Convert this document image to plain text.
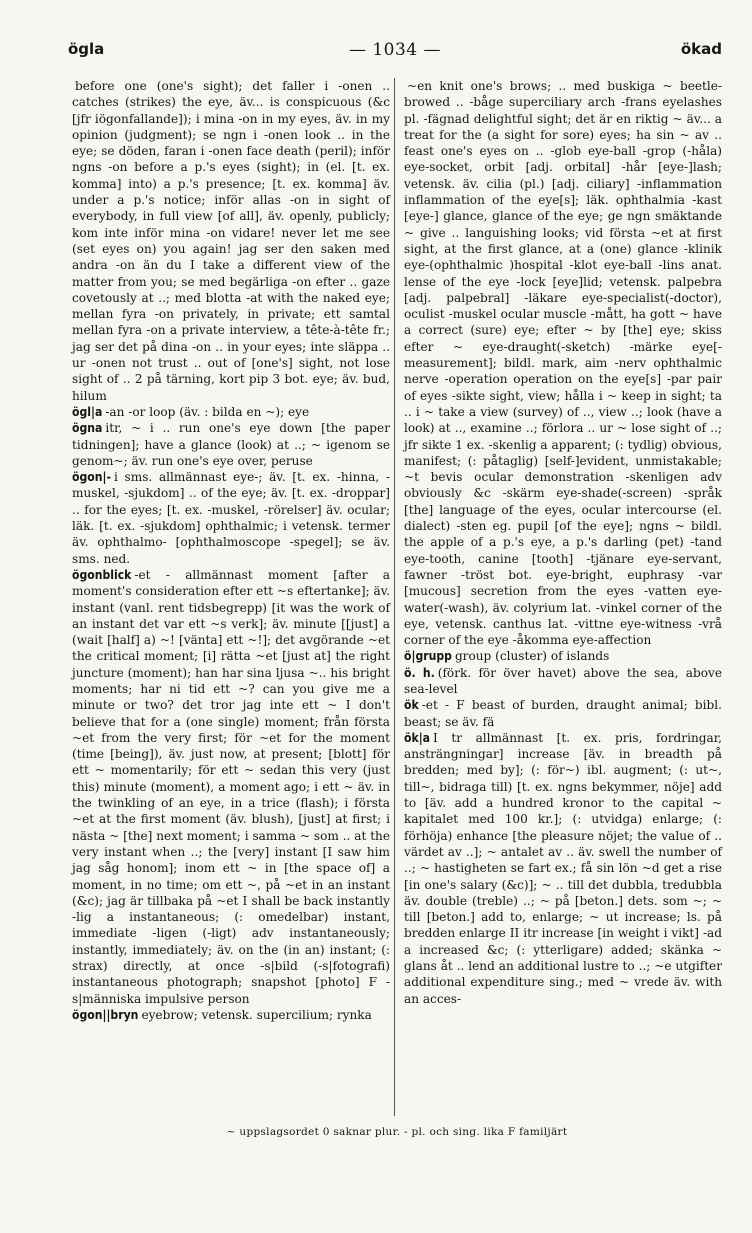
ögla	— 1034 —	ökad

before one (one's sight); det faller i -onen .. catches (strikes) the eye, äv... is conspicuous (&c [jfr iögonfallande]); i mina -on in my eyes, äv. in my opinion (judgment); se ngn i -onen look .. in the eye; se döden, faran i -onen face death (peril); inför ngns -on before a p.'s eyes (sight); in (el. [t. ex. komma] into) a p.'s presence; [t. ex. komma] äv. under a p.'s notice; inför allas -on in sight of everybody, in full view [of all], äv. openly, publicly; kom inte inför mina -on vidare! never let me see (set eyes on) you again! jag ser den saken med andra -on än du I take a different view of the matter from you; se med begärliga -on efter .. gaze covetously at ..; med blotta -at with the naked eye; mellan fyra -on privately, in private; ett samtal mellan fyra -on a private interview, a tête-à-tête fr.; jag ser det på dina -on .. in your eyes; inte släppa .. ur -onen not trust .. out of [one's] sight, not lose sight of .. 2 på tärning, kort pip 3 bot. eye; äv. bud, hilum

ögl|a -an -or loop (äv. : bilda en ~); eye

ögna itr, ~ i .. run one's eye down [the paper tidningen]; have a glance (look) at ..; ~ igenom se genom~; äv. run one's eye over, peruse

ögon|- i sms. allmännast eye-; äv. [t. ex. -hinna, -muskel, -sjukdom] .. of the eye; äv. [t. ex. -droppar] .. for the eyes; [t. ex. -muskel, -rörelser] äv. ocular; läk. [t. ex. -sjukdom] ophthalmic; i vetensk. termer äv. ophthalmo- [ophthalmoscope -spegel]; se äv. sms. ned.

ögonblick -et - allmännast moment [after a moment's consideration efter ett ~s eftertanke]; äv. instant (vanl. rent tidsbegrepp) [it was the work of an instant det var ett ~s verk]; äv. minute [[just] a (wait [half] a) ~! [vänta] ett ~!]; det avgörande ~et the critical moment; [i] rätta ~et [just at] the right juncture (moment); han har sina ljusa ~.. his bright moments; har ni tid ett ~? can you give me a minute or two? det tror jag inte ett ~ I don't believe that for a (one single) moment; från första ~et from the very first; för ~et for the moment (time [being]), äv. just now, at present; [blott] för ett ~ momentarily; för ett ~ sedan this very (just this) minute (moment), a moment ago; i ett ~ äv. in the twinkling of an eye, in a trice (flash); i första ~et at the first moment (äv. blush), [just] at first; i nästa ~ [the] next moment; i samma ~ som .. at the very instant when ..; the [very] instant [I saw him jag såg honom]; inom ett ~ in [the space of] a moment, in no time; om ett ~, på ~et in an instant (&c); jag är tillbaka på ~et I shall be back instantly -lig a instantaneous; (: omedelbar) instant, immediate -ligen (-ligt) adv instantaneously; instantly, immediately; äv. on the (in an) instant; (: strax) directly, at once -s|bild (-s|fotografi) instantaneous photograph; snapshot [photo] F -s|människa impulsive person

ögon||bryn eyebrow; vetensk. supercilium; rynka

~en knit one's brows; .. med buskiga ~ beetle-browed .. -båge superciliary arch -frans eyelashes pl. -fägnad delightful sight; det är en riktig ~ äv... a treat for the (a sight for sore) eyes; ha sin ~ av .. feast one's eyes on .. -glob eye-ball -grop (-håla) eye-socket, orbit [adj. orbital] -hår [eye-]lash; vetensk. äv. cilia (pl.) [adj. ciliary] -inflammation inflammation of the eye[s]; läk. ophthalmia -kast [eye-] glance, glance of the eye; ge ngn smäktande ~ give .. languishing looks; vid första ~et at first sight, at the first glance, at a (one) glance -klinik eye-(ophthalmic )hospital -klot eye-ball -lins anat. lense of the eye -lock [eye]lid; vetensk. palpebra [adj. palpebral] -läkare eye-specialist(-doctor), oculist -muskel ocular muscle -mått, ha gott ~ have a correct (sure) eye; efter ~ by [the] eye; skiss efter ~ eye-draught(-sketch) -märke eye[-measurement]; bildl. mark, aim -nerv ophthalmic nerve -operation operation on the eye[s] -par pair of eyes -sikte sight, view; hålla i ~ keep in sight; ta .. i ~ take a view (survey) of .., view ..; look (have a look) at .., examine ..; förlora .. ur ~ lose sight of ..; jfr sikte 1 ex. -skenlig a apparent; (: tydlig) obvious, manifest; (: påtaglig) [self-]evident, unmistakable; ~t bevis ocular demonstration -skenligen adv obviously &c -skärm eye-shade(-screen) -språk [the] language of the eyes, ocular intercourse (el. dialect) -sten eg. pupil [of the eye]; ngns ~ bildl. the apple of a p.'s eye, a p.'s darling (pet) -tand eye-tooth, canine [tooth] -tjänare eye-servant, fawner -tröst bot. eye-bright, euphrasy -var [mucous] secretion from the eyes -vatten eye-water(-wash), äv. colyrium lat. -vinkel corner of the eye, vetensk. canthus lat. -vittne eye-witness -vrå corner of the eye -åkomma eye-affection

ö|grupp group (cluster) of islands

ö. h. (förk. för över havet) above the sea, above sea-level

ök -et - F beast of burden, draught animal; bibl. beast; se äv. fä

ök|a I tr allmännast [t. ex. pris, fordringar, ansträngningar] increase [äv. in breadth på bredden; med by]; (: för~) ibl. augment; (: ut~, till~, bidraga till) [t. ex. ngns bekymmer, nöje] add to [äv. add a hundred kronor to the capital ~ kapitalet med 100 kr.]; (: utvidga) enlarge; (: förhöja) enhance [the pleasure nöjet; the value of .. värdet av ..]; ~ antalet av .. äv. swell the number of ..; ~ hastigheten se fart ex.; få sin lön ~d get a rise [in one's salary (&c)]; ~ .. till det dubbla, tredubbla äv. double (treble) ..; ~ på [beton.] dets. som ~; ~ till [beton.] add to, enlarge; ~ ut increase; ls. på bredden enlarge II itr increase [in weight i vikt] -ad a increased &c; (: ytterligare) added; skänka ~ glans åt .. lend an additional lustre to ..; ~e utgifter additional expenditure sing.; med ~ vrede äv. with an acces-

~ uppslagsordet 0 saknar plur. - pl. och sing. lika F familjärt
